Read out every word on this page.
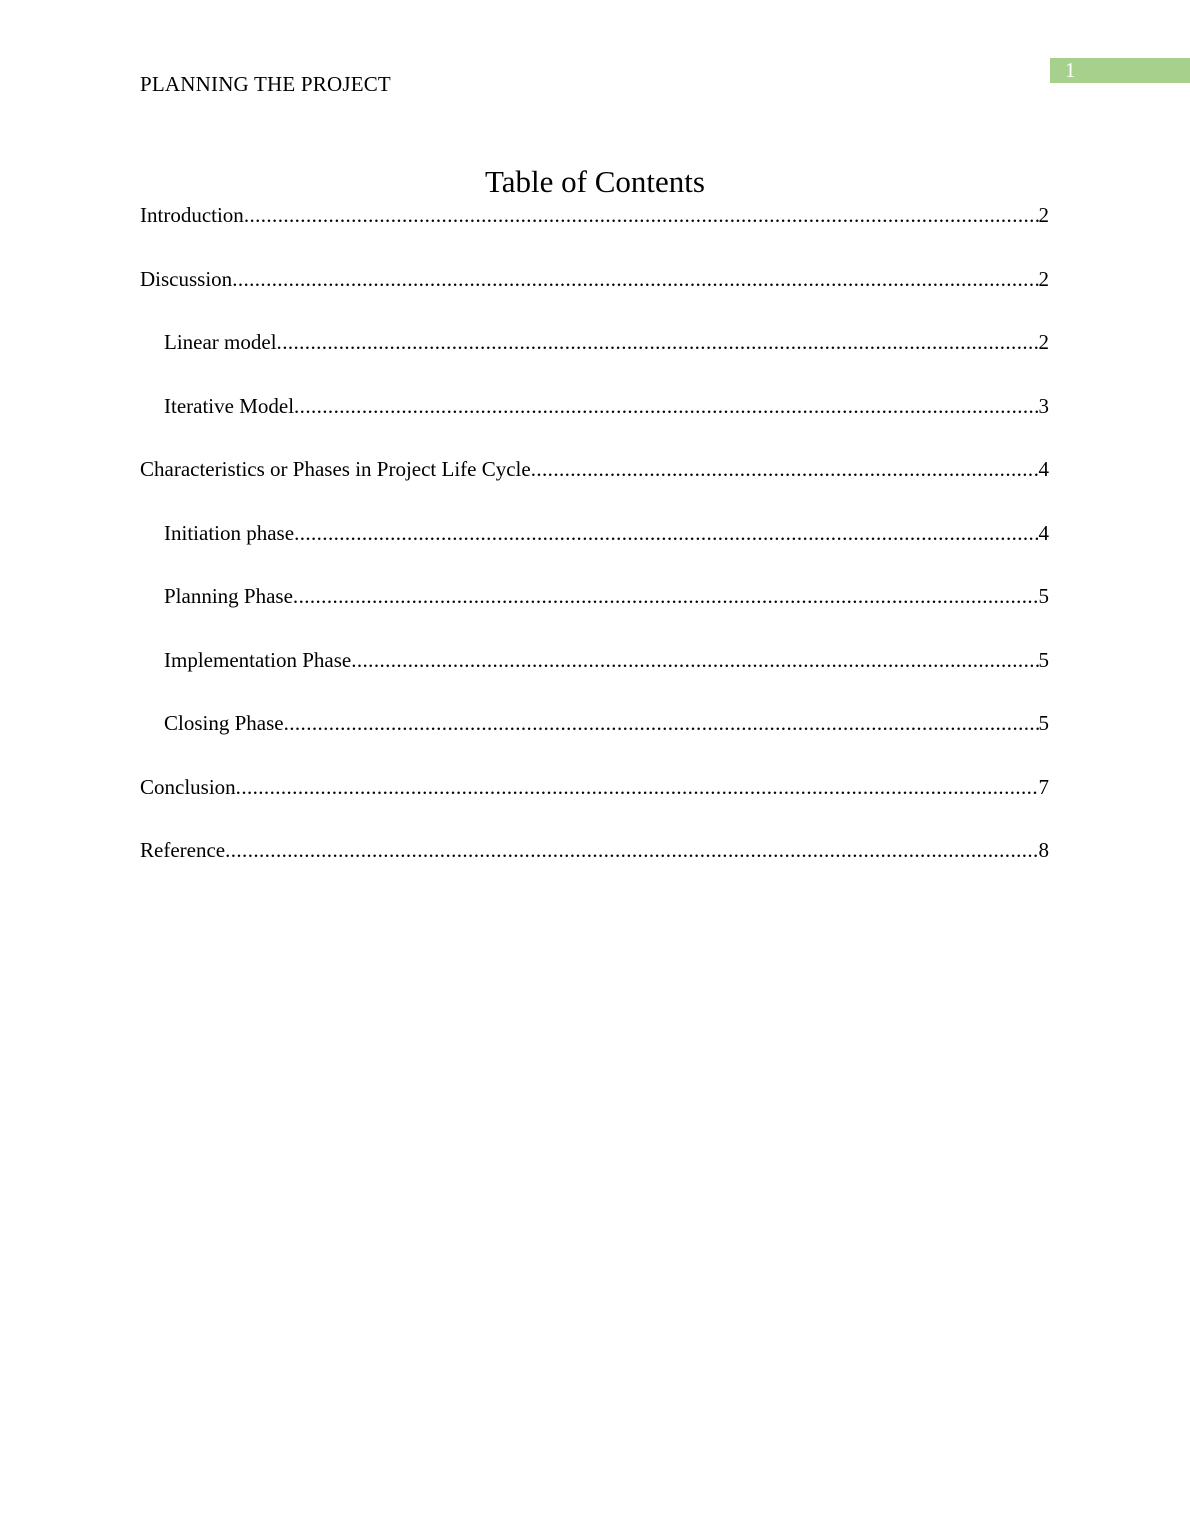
PLANNING THE PROJECT
1
Table of Contents
Introduction .....	2
Discussion .....	2
Linear model .....	2
Iterative Model .....	3
Characteristics or Phases in Project Life Cycle .....	4
Initiation phase .....	4
Planning Phase .....	5
Implementation Phase .....	5
Closing Phase .....	5
Conclusion .....	7
Reference .....	8
